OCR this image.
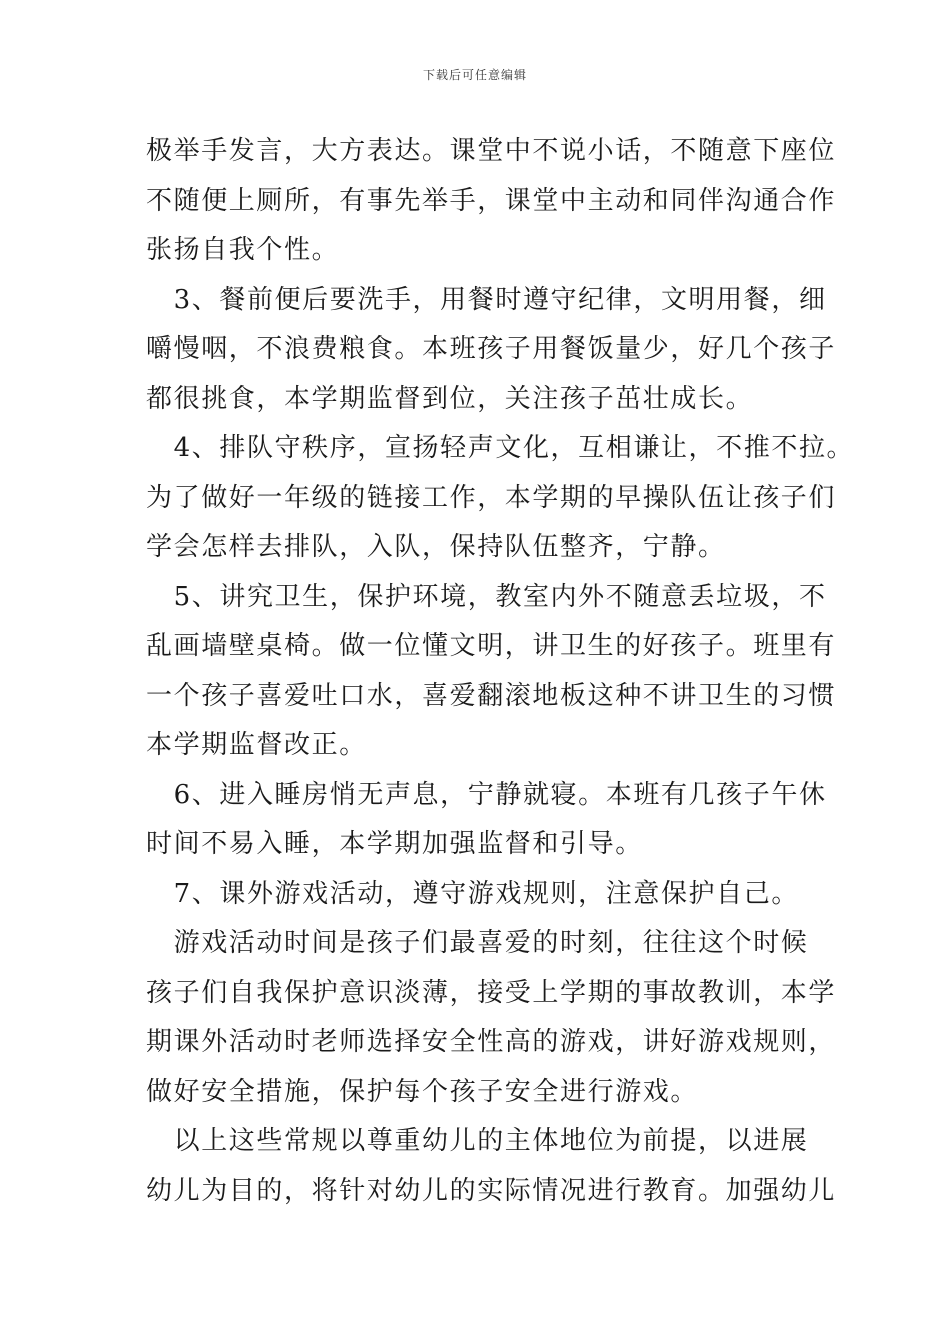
下载后可任意编辑
极举手发言，大方表达。课堂中不说小话，不随意下座位
不随便上厕所，有事先举手，课堂中主动和同伴沟通合作
张扬自我个性。
　3、餐前便后要洗手，用餐时遵守纪律，文明用餐，细
嚼慢咽，不浪费粮食。本班孩子用餐饭量少，好几个孩子
都很挑食，本学期监督到位，关注孩子茁壮成长。
　4、排队守秩序，宣扬轻声文化，互相谦让，不推不拉。
为了做好一年级的链接工作，本学期的早操队伍让孩子们
学会怎样去排队，入队，保持队伍整齐，宁静。
　5、讲究卫生，保护环境，教室内外不随意丢垃圾，不
乱画墙壁桌椅。做一位懂文明，讲卫生的好孩子。班里有
一个孩子喜爱吐口水，喜爱翻滚地板这种不讲卫生的习惯
本学期监督改正。
　6、进入睡房悄无声息，宁静就寝。本班有几孩子午休
时间不易入睡，本学期加强监督和引导。
　7、课外游戏活动，遵守游戏规则，注意保护自己。
　游戏活动时间是孩子们最喜爱的时刻，往往这个时候
孩子们自我保护意识淡薄，接受上学期的事故教训，本学
期课外活动时老师选择安全性高的游戏，讲好游戏规则，
做好安全措施，保护每个孩子安全进行游戏。
　以上这些常规以尊重幼儿的主体地位为前提，以进展
幼儿为目的，将针对幼儿的实际情况进行教育。加强幼儿
